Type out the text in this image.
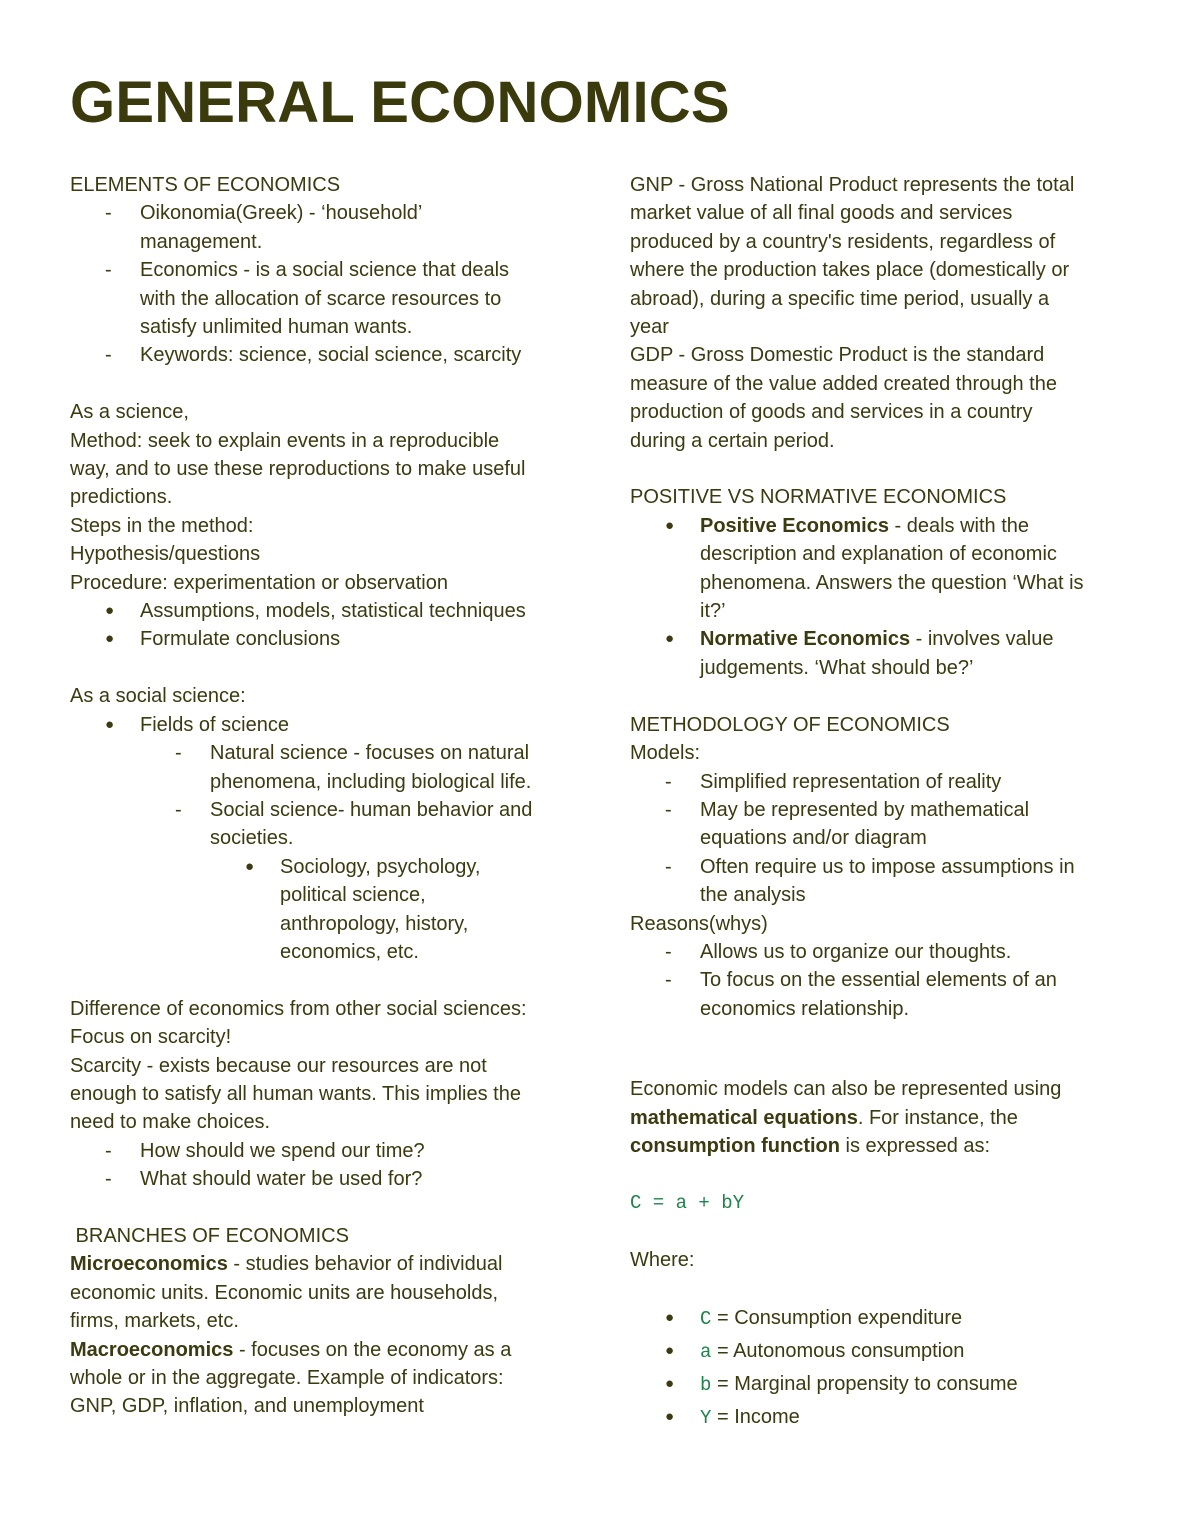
GENERAL ECONOMICS
ELEMENTS OF ECONOMICS
- Oikonomia(Greek) - ‘household’
management.
- Economics - is a social science that deals
with the allocation of scarce resources to
satisfy unlimited human wants.
- Keywords: science, social science, scarcity
As a science,
Method: seek to explain events in a reproducible
way, and to use these reproductions to make useful
predictions.
Steps in the method:
Hypothesis/questions
Procedure: experimentation or observation
● Assumptions, models, statistical techniques
● Formulate conclusions
As a social science:
● Fields of science
- Natural science - focuses on natural
phenomena, including biological life.
- Social science- human behavior and
societies.
● Sociology, psychology,
political science,
anthropology, history,
economics, etc.
Difference of economics from other social sciences:
Focus on scarcity!
Scarcity - exists because our resources are not
enough to satisfy all human wants. This implies the
need to make choices.
- How should we spend our time?
- What should water be used for?
BRANCHES OF ECONOMICS
Microeconomics - studies behavior of individual
economic units. Economic units are households,
firms, markets, etc.
Macroeconomics - focuses on the economy as a
whole or in the aggregate. Example of indicators:
GNP, GDP, inflation, and unemployment
GNP - Gross National Product represents the total
market value of all final goods and services
produced by a country's residents, regardless of
where the production takes place (domestically or
abroad), during a specific time period, usually a
year
GDP - Gross Domestic Product is the standard
measure of the value added created through the
production of goods and services in a country
during a certain period.
POSITIVE VS NORMATIVE ECONOMICS
● Positive Economics - deals with the
description and explanation of economic
phenomena. Answers the question ‘What is
it?’
● Normative Economics - involves value
judgements. ‘What should be?’
METHODOLOGY OF ECONOMICS
Models:
- Simplified representation of reality
- May be represented by mathematical
equations and/or diagram
- Often require us to impose assumptions in
the analysis
Reasons(whys)
- Allows us to organize our thoughts.
- To focus on the essential elements of an
economics relationship.
Economic models can also be represented using
mathematical equations. For instance, the
consumption function is expressed as:
C = a + bY
Where:
● C = Consumption expenditure
● a = Autonomous consumption
● b = Marginal propensity to consume
● Y = Income
